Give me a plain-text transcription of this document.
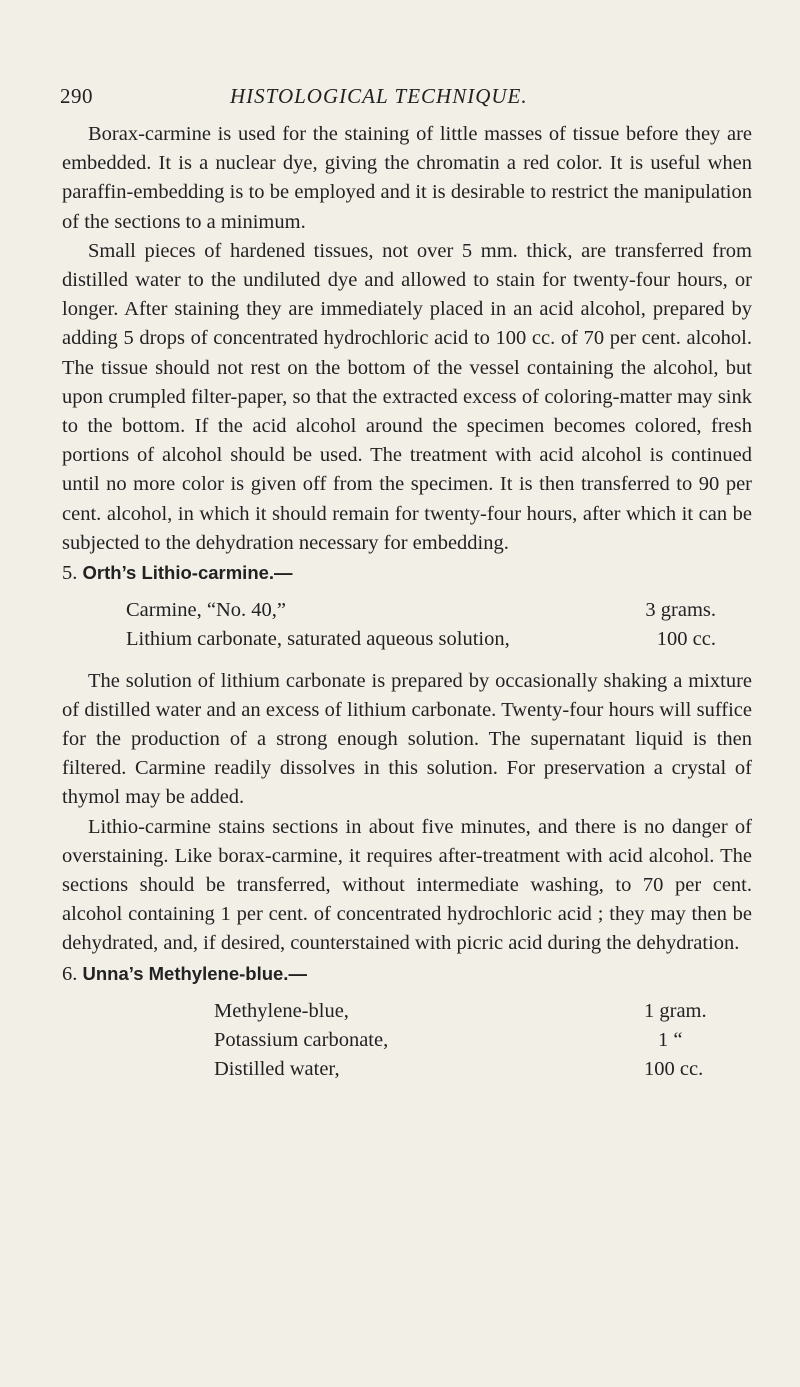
290	HISTOLOGICAL TECHNIQUE.

Borax-carmine is used for the staining of little masses of tissue before they are embedded. It is a nuclear dye, giving the chromatin a red color. It is useful when paraffin-embedding is to be employed and it is desirable to restrict the manipulation of the sections to a minimum.

Small pieces of hardened tissues, not over 5 mm. thick, are transferred from distilled water to the undiluted dye and allowed to stain for twenty-four hours, or longer. After staining they are immediately placed in an acid alcohol, prepared by adding 5 drops of concentrated hydrochloric acid to 100 cc. of 70 per cent. alcohol. The tissue should not rest on the bottom of the vessel containing the alcohol, but upon crumpled filter-paper, so that the extracted excess of coloring-matter may sink to the bottom. If the acid alcohol around the specimen becomes colored, fresh portions of alcohol should be used. The treatment with acid alcohol is continued until no more color is given off from the specimen. It is then transferred to 90 per cent. alcohol, in which it should remain for twenty-four hours, after which it can be subjected to the dehydration necessary for embedding.

5. Orth’s Lithio-carmine.—
Carmine, “No. 40,”	3 grams.
Lithium carbonate, saturated aqueous solution,	100 cc.

The solution of lithium carbonate is prepared by occasionally shaking a mixture of distilled water and an excess of lithium carbonate. Twenty-four hours will suffice for the production of a strong enough solution. The supernatant liquid is then filtered. Carmine readily dissolves in this solution. For preservation a crystal of thymol may be added.

Lithio-carmine stains sections in about five minutes, and there is no danger of overstaining. Like borax-carmine, it requires after-treatment with acid alcohol. The sections should be transferred, without intermediate washing, to 70 per cent. alcohol containing 1 per cent. of concentrated hydrochloric acid ; they may then be dehydrated, and, if desired, counterstained with picric acid during the dehydration.

6. Unna’s Methylene-blue.—
Methylene-blue,	1 gram.
Potassium carbonate,	1 “
Distilled water,	100 cc.
